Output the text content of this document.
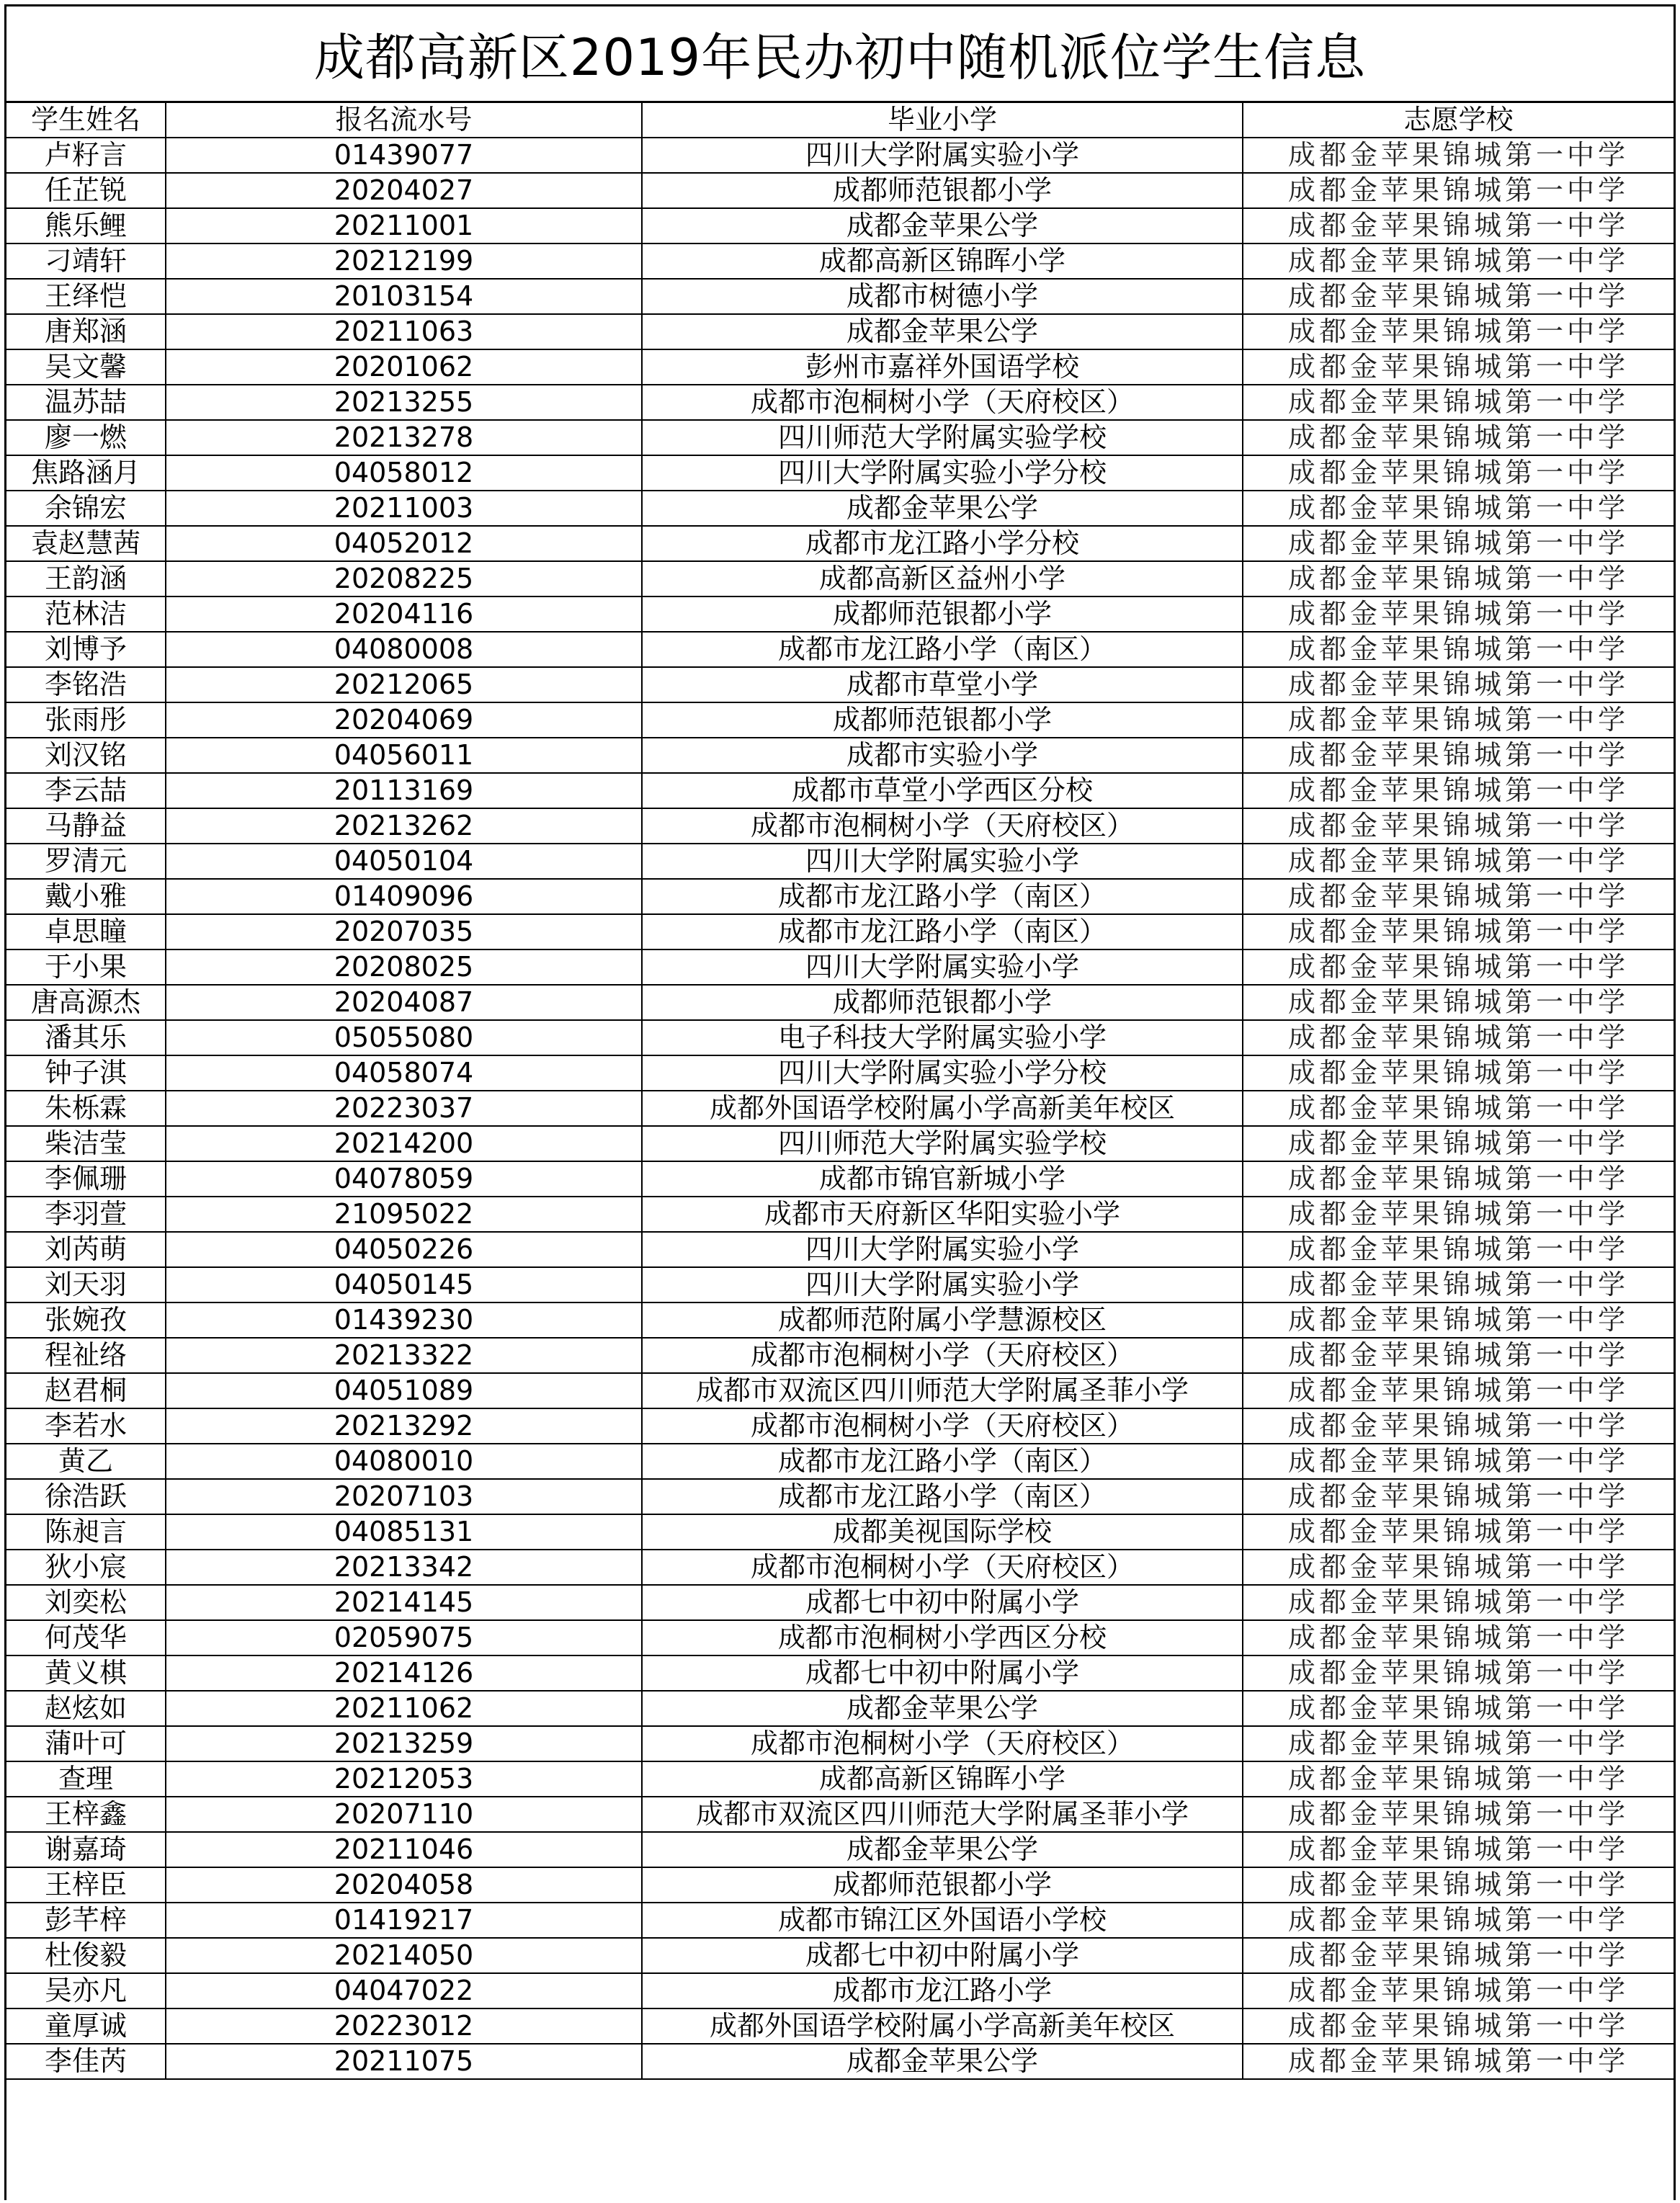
成都高新区2019年民办初中随机派位学生信息
学生姓名	报名流水号	毕业小学	志愿学校
卢籽言	01439077	四川大学附属实验小学	成都金苹果锦城第一中学
任芷锐	20204027	成都师范银都小学	成都金苹果锦城第一中学
熊乐鲤	20211001	成都金苹果公学	成都金苹果锦城第一中学
刁靖轩	20212199	成都高新区锦晖小学	成都金苹果锦城第一中学
王绎恺	20103154	成都市树德小学	成都金苹果锦城第一中学
唐郑涵	20211063	成都金苹果公学	成都金苹果锦城第一中学
吴文馨	20201062	彭州市嘉祥外国语学校	成都金苹果锦城第一中学
温苏喆	20213255	成都市泡桐树小学（天府校区）	成都金苹果锦城第一中学
廖一燃	20213278	四川师范大学附属实验学校	成都金苹果锦城第一中学
焦路涵月	04058012	四川大学附属实验小学分校	成都金苹果锦城第一中学
余锦宏	20211003	成都金苹果公学	成都金苹果锦城第一中学
袁赵慧茜	04052012	成都市龙江路小学分校	成都金苹果锦城第一中学
王韵涵	20208225	成都高新区益州小学	成都金苹果锦城第一中学
范林洁	20204116	成都师范银都小学	成都金苹果锦城第一中学
刘博予	04080008	成都市龙江路小学（南区）	成都金苹果锦城第一中学
李铭浩	20212065	成都市草堂小学	成都金苹果锦城第一中学
张雨彤	20204069	成都师范银都小学	成都金苹果锦城第一中学
刘汉铭	04056011	成都市实验小学	成都金苹果锦城第一中学
李云喆	20113169	成都市草堂小学西区分校	成都金苹果锦城第一中学
马静益	20213262	成都市泡桐树小学（天府校区）	成都金苹果锦城第一中学
罗清元	04050104	四川大学附属实验小学	成都金苹果锦城第一中学
戴小雅	01409096	成都市龙江路小学（南区）	成都金苹果锦城第一中学
卓思瞳	20207035	成都市龙江路小学（南区）	成都金苹果锦城第一中学
于小果	20208025	四川大学附属实验小学	成都金苹果锦城第一中学
唐高源杰	20204087	成都师范银都小学	成都金苹果锦城第一中学
潘其乐	05055080	电子科技大学附属实验小学	成都金苹果锦城第一中学
钟子淇	04058074	四川大学附属实验小学分校	成都金苹果锦城第一中学
朱栎霖	20223037	成都外国语学校附属小学高新美年校区	成都金苹果锦城第一中学
柴洁莹	20214200	四川师范大学附属实验学校	成都金苹果锦城第一中学
李佩珊	04078059	成都市锦官新城小学	成都金苹果锦城第一中学
李羽萱	21095022	成都市天府新区华阳实验小学	成都金苹果锦城第一中学
刘芮萌	04050226	四川大学附属实验小学	成都金苹果锦城第一中学
刘天羽	04050145	四川大学附属实验小学	成都金苹果锦城第一中学
张婉孜	01439230	成都师范附属小学慧源校区	成都金苹果锦城第一中学
程祉络	20213322	成都市泡桐树小学（天府校区）	成都金苹果锦城第一中学
赵君桐	04051089	成都市双流区四川师范大学附属圣菲小学	成都金苹果锦城第一中学
李若水	20213292	成都市泡桐树小学（天府校区）	成都金苹果锦城第一中学
黄乙	04080010	成都市龙江路小学（南区）	成都金苹果锦城第一中学
徐浩跃	20207103	成都市龙江路小学（南区）	成都金苹果锦城第一中学
陈昶言	04085131	成都美视国际学校	成都金苹果锦城第一中学
狄小宸	20213342	成都市泡桐树小学（天府校区）	成都金苹果锦城第一中学
刘奕松	20214145	成都七中初中附属小学	成都金苹果锦城第一中学
何茂华	02059075	成都市泡桐树小学西区分校	成都金苹果锦城第一中学
黄义棋	20214126	成都七中初中附属小学	成都金苹果锦城第一中学
赵炫如	20211062	成都金苹果公学	成都金苹果锦城第一中学
蒲叶可	20213259	成都市泡桐树小学（天府校区）	成都金苹果锦城第一中学
查理	20212053	成都高新区锦晖小学	成都金苹果锦城第一中学
王梓鑫	20207110	成都市双流区四川师范大学附属圣菲小学	成都金苹果锦城第一中学
谢嘉琦	20211046	成都金苹果公学	成都金苹果锦城第一中学
王梓臣	20204058	成都师范银都小学	成都金苹果锦城第一中学
彭芊梓	01419217	成都市锦江区外国语小学校	成都金苹果锦城第一中学
杜俊毅	20214050	成都七中初中附属小学	成都金苹果锦城第一中学
吴亦凡	04047022	成都市龙江路小学	成都金苹果锦城第一中学
童厚诚	20223012	成都外国语学校附属小学高新美年校区	成都金苹果锦城第一中学
李佳芮	20211075	成都金苹果公学	成都金苹果锦城第一中学
